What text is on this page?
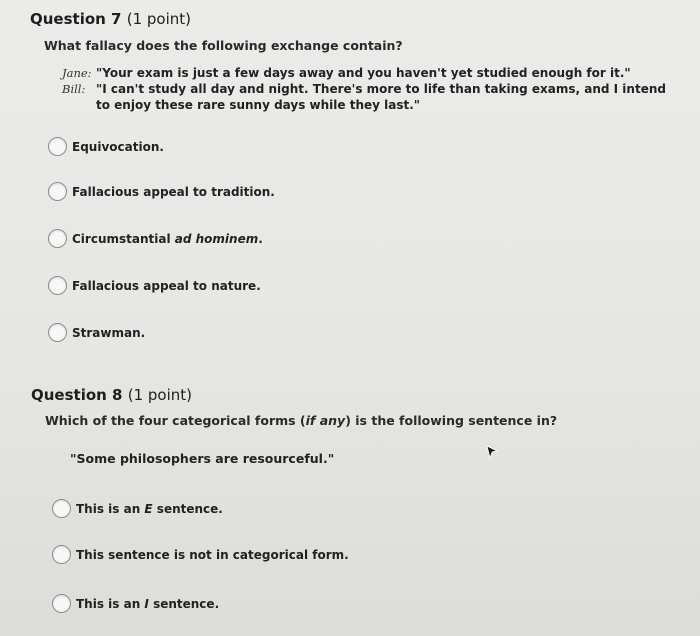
Question 7 (1 point)
What fallacy does the following exchange contain?
Jane: "Your exam is just a few days away and you haven't yet studied enough for it."
Bill: "I can't study all day and night. There's more to life than taking exams, and I intend
to enjoy these rare sunny days while they last."
Equivocation.
Fallacious appeal to tradition.
Circumstantial ad hominem.
Fallacious appeal to nature.
Strawman.
Question 8 (1 point)
Which of the four categorical forms (if any) is the following sentence in?
"Some philosophers are resourceful."
This is an E sentence.
This sentence is not in categorical form.
This is an I sentence.
